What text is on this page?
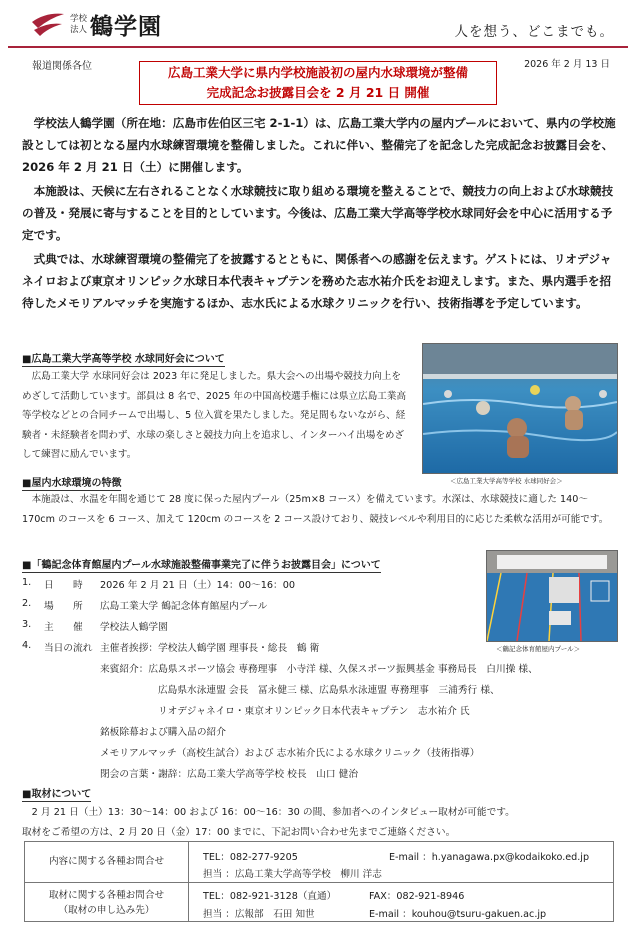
学校
法人 鶴学園	人を想う、どこまでも。
報道関係各位	2026 年 2 月 13 日
広島工業大学に県内学校施設初の屋内水球環境が整備
完成記念お披露目会を 2 月 21 日 開催
　学校法人鶴学園（所在地：広島市佐伯区三宅 2-1-1）は、広島工業大学内の屋内プールにおいて、県内の学校施設としては初となる屋内水球練習環境を整備しました。これに伴い、整備完了を記念した完成記念お披露目会を、2026 年 2 月 21 日（土）に開催します。
　本施設は、天候に左右されることなく水球競技に取り組める環境を整えることで、競技力の向上および水球競技の普及・発展に寄与することを目的としています。今後は、広島工業大学高等学校水球同好会を中心に活用する予定です。
　式典では、水球練習環境の整備完了を披露するとともに、関係者への感謝を伝えます。ゲストには、リオデジャネイロおよび東京オリンピック水球日本代表キャプテンを務めた志水祐介氏をお迎えします。また、県内選手を招待したメモリアルマッチを実施するほか、志水氏による水球クリニックを行い、技術指導を予定しています。
■広島工業大学高等学校 水球同好会について
　広島工業大学 水球同好会は 2023 年に発足しました。県大会への出場や競技力向上をめざして活動しています。部員は 8 名で、2025 年の中国高校選手権には県立広島工業高等学校などとの合同チームで出場し、5 位入賞を果たしました。発足間もないながら、経験者・未経験者を問わず、水球の楽しさと競技力向上を追求し、インターハイ出場をめざして練習に励んでいます。
＜広島工業大学高等学校 水球同好会＞
■屋内水球環境の特徴
　本施設は、水温を年間を通じて 28 度に保った屋内プール（25m×8 コース）を備えています。水深は、水球競技に適した 140～170cm のコースを 6 コース、加えて 120cm のコースを 2 コース設けており、競技レベルや利用目的に応じた柔軟な活用が可能です。
＜鶴記念体育館屋内プール＞
■「鶴記念体育館屋内プール水球施設整備事業完了に伴うお披露目会」について
1. 日　　時 2026 年 2 月 21 日（土）14：00～16：00
2. 場　　所 広島工業大学 鶴記念体育館屋内プール
3. 主　　催 学校法人鶴学園
4. 当日の流れ 主催者挨拶：学校法人鶴学園 理事長・総長　鶴 衛
来賓紹介：広島県スポーツ協会 専務理事　小寺洋 様、久保スポーツ振興基金 事務局長　白川操 様、
広島県水泳連盟 会長　冨永健三 様、広島県水泳連盟 専務理事　三浦秀行 様、
リオデジャネイロ・東京オリンピック日本代表キャプテン　志水祐介 氏
銘板除幕および購入品の紹介
メモリアルマッチ（高校生試合）および 志水祐介氏による水球クリニック（技術指導）
閉会の言葉・謝辞：広島工業大学高等学校 校長　山口 健治
■取材について
　2 月 21 日（土）13：30～14：00 および 16：00～16：30 の間、参加者へのインタビュー取材が可能です。
取材をご希望の方は、2 月 20 日（金）17：00 までに、下記お問い合わせ先までご連絡ください。
内容に関する各種お問合せ	TEL：082-277-9205	E-mail ：h.yanagawa.px@kodaikoko.ed.jp
担当 ：広島工業大学高等学校　柳川 洋志
取材に関する各種お問合せ
（取材の申し込み先）
TEL：082-921-3128（直通）	FAX：082-921-8946
担当 ：広報部　石田 知世	E-mail ：kouhou@tsuru-gakuen.ac.jp
